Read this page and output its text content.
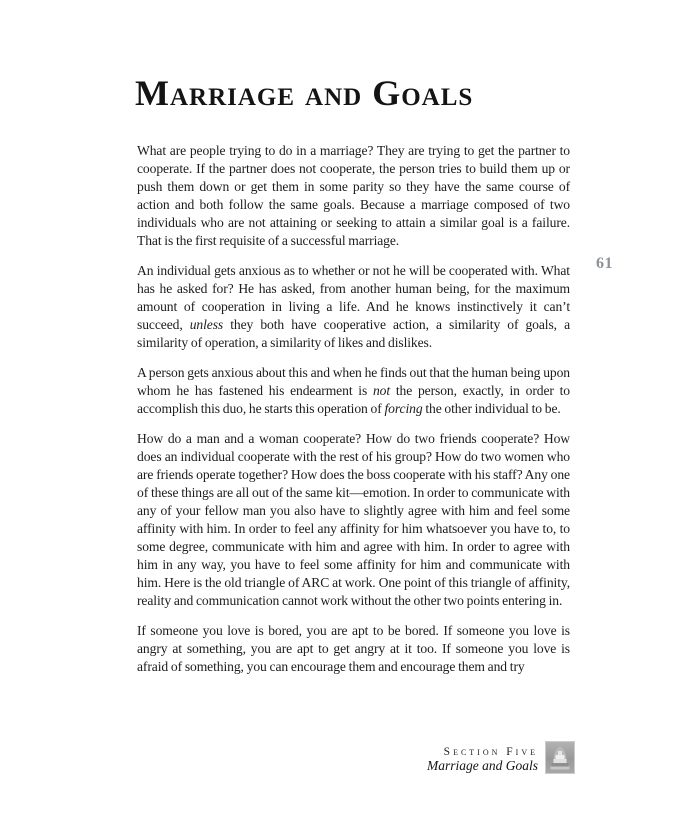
Marriage and Goals
61

What are people trying to do in a marriage? They are trying to get the partner to cooperate. If the partner does not cooperate, the person tries to build them up or push them down or get them in some parity so they have the same course of action and both follow the same goals. Because a marriage composed of two individuals who are not attaining or seeking to attain a similar goal is a failure. That is the first requisite of a successful marriage.

An individual gets anxious as to whether or not he will be cooperated with. What has he asked for? He has asked, from another human being, for the maximum amount of cooperation in living a life. And he knows instinctively it can’t succeed, unless they both have cooperative action, a similarity of goals, a similarity of operation, a similarity of likes and dislikes.

A person gets anxious about this and when he finds out that the human being upon whom he has fastened his endearment is not the person, exactly, in order to accomplish this duo, he starts this operation of forcing the other individual to be.

How do a man and a woman cooperate? How do two friends cooperate? How does an individual cooperate with the rest of his group? How do two women who are friends operate together? How does the boss cooperate with his staff? Any one of these things are all out of the same kit—emotion. In order to communicate with any of your fellow man you also have to slightly agree with him and feel some affinity with him. In order to feel any affinity for him whatsoever you have to, to some degree, communicate with him and agree with him. In order to agree with him in any way, you have to feel some affinity for him and communicate with him. Here is the old triangle of ARC at work. One point of this triangle of affinity, reality and communication cannot work without the other two points entering in.

If someone you love is bored, you are apt to be bored. If someone you love is angry at something, you are apt to get angry at it too. If someone you love is afraid of something, you can encourage them and encourage them and try

Section Five
Marriage and Goals
